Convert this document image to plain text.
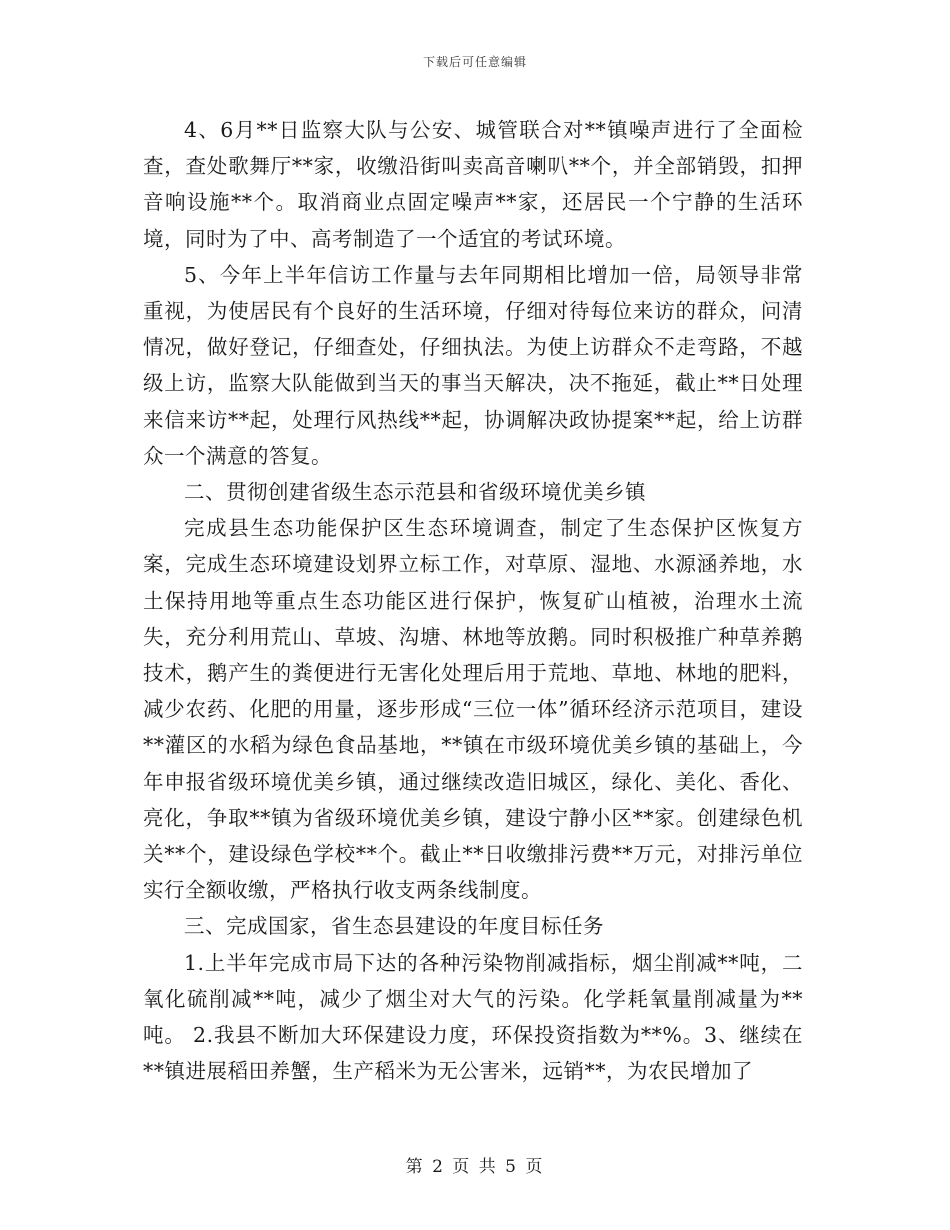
下载后可任意编辑

4、6月**日监察大队与公安、城管联合对**镇噪声进行了全面检查，查处歌舞厅**家，收缴沿街叫卖高音喇叭**个，并全部销毁，扣押音响设施**个。取消商业点固定噪声**家，还居民一个宁静的生活环境，同时为了中、高考制造了一个适宜的考试环境。

5、今年上半年信访工作量与去年同期相比增加一倍，局领导非常重视，为使居民有个良好的生活环境，仔细对待每位来访的群众，问清情况，做好登记，仔细查处，仔细执法。为使上访群众不走弯路，不越级上访，监察大队能做到当天的事当天解决，决不拖延，截止**日处理来信来访**起，处理行风热线**起，协调解决政协提案**起，给上访群众一个满意的答复。

二、贯彻创建省级生态示范县和省级环境优美乡镇

完成县生态功能保护区生态环境调查，制定了生态保护区恢复方案，完成生态环境建设划界立标工作，对草原、湿地、水源涵养地，水土保持用地等重点生态功能区进行保护，恢复矿山植被，治理水土流失，充分利用荒山、草坡、沟塘、林地等放鹅。同时积极推广种草养鹅技术，鹅产生的粪便进行无害化处理后用于荒地、草地、林地的肥料，减少农药、化肥的用量，逐步形成“三位一体”循环经济示范项目，建设**灌区的水稻为绿色食品基地，**镇在市级环境优美乡镇的基础上，今年申报省级环境优美乡镇，通过继续改造旧城区，绿化、美化、香化、亮化，争取**镇为省级环境优美乡镇，建设宁静小区**家。创建绿色机关**个，建设绿色学校**个。截止**日收缴排污费**万元，对排污单位实行全额收缴，严格执行收支两条线制度。

三、完成国家，省生态县建设的年度目标任务

1.上半年完成市局下达的各种污染物削减指标，烟尘削减**吨，二氧化硫削减**吨，减少了烟尘对大气的污染。化学耗氧量削减量为**吨。 2.我县不断加大环保建设力度，环保投资指数为**%。3、继续在**镇进展稻田养蟹，生产稻米为无公害米，远销**，为农民增加了

第 2 页 共 5 页
